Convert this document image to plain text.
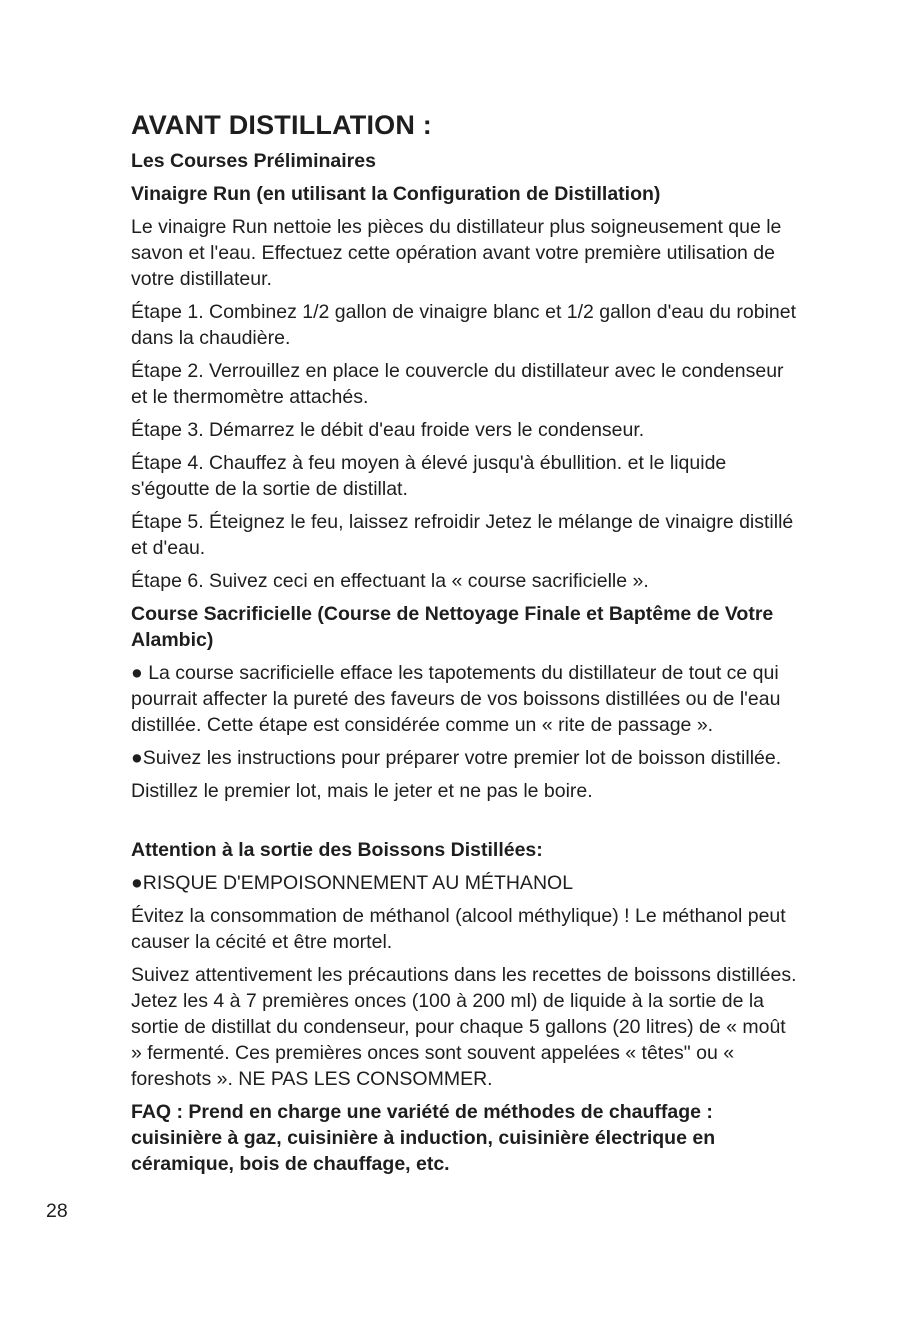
AVANT DISTILLATION :
Les Courses Préliminaires
Vinaigre Run (en utilisant la Configuration de Distillation)

Le vinaigre Run nettoie les pièces du distillateur plus soigneusement que le savon et l'eau. Effectuez cette opération avant votre première utilisation de votre distillateur.

Étape 1. Combinez 1/2 gallon de vinaigre blanc et 1/2 gallon d'eau du robinet dans la chaudière.

Étape 2. Verrouillez en place le couvercle du distillateur avec le condenseur et le thermomètre attachés.

Étape 3. Démarrez le débit d'eau froide vers le condenseur.

Étape 4. Chauffez à feu moyen à élevé jusqu'à ébullition. et le liquide s'égoutte de la sortie de distillat.

Étape 5. Éteignez le feu, laissez refroidir Jetez le mélange de vinaigre distillé et d'eau.

Étape 6. Suivez ceci en effectuant la « course sacrificielle ».

Course Sacrificielle (Course de Nettoyage Finale et Baptême de Votre Alambic)

● La course sacrificielle efface les tapotements du distillateur de tout ce qui pourrait affecter la pureté des faveurs de vos boissons distillées ou de l'eau distillée. Cette étape est considérée comme un « rite de passage ».

●Suivez les instructions pour préparer votre premier lot de boisson distillée.

Distillez le premier lot, mais le jeter et ne pas le boire.

Attention à la sortie des Boissons Distillées:

●RISQUE D'EMPOISONNEMENT AU MÉTHANOL

Évitez la consommation de méthanol (alcool méthylique) ! Le méthanol peut causer la cécité et être mortel.

Suivez attentivement les précautions dans les recettes de boissons distillées. Jetez les 4 à 7 premières onces (100 à 200 ml) de liquide à la sortie de la sortie de distillat du condenseur, pour chaque 5 gallons (20 litres) de « moût » fermenté. Ces premières onces sont souvent appelées « têtes" ou « foreshots ». NE PAS LES CONSOMMER.

FAQ : Prend en charge une variété de méthodes de chauffage : cuisinière à gaz, cuisinière à induction, cuisinière électrique en céramique, bois de chauffage, etc.
28
